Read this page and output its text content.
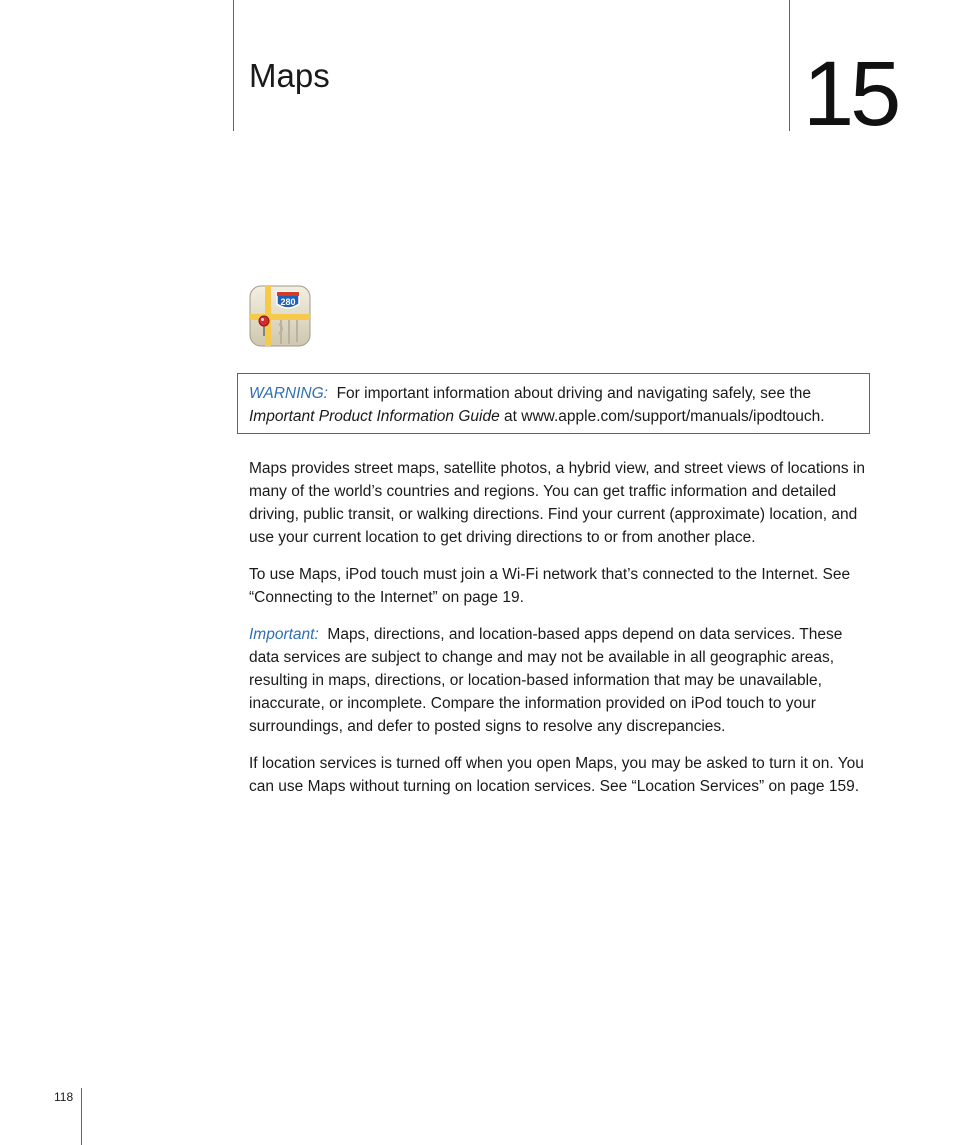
Maps	15
280
WARNING: For important information about driving and navigating safely, see the
Important Product Information Guide at www.apple.com/support/manuals/ipodtouch.

Maps provides street maps, satellite photos, a hybrid view, and street views of locations in many of the world’s countries and regions. You can get traffic information and detailed driving, public transit, or walking directions. Find your current (approximate) location, and use your current location to get driving directions to or from another place.

To use Maps, iPod touch must join a Wi-Fi network that’s connected to the Internet. See “Connecting to the Internet” on page 19.

Important: Maps, directions, and location-based apps depend on data services. These data services are subject to change and may not be available in all geographic areas, resulting in maps, directions, or location-based information that may be unavailable, inaccurate, or incomplete. Compare the information provided on iPod touch to your surroundings, and defer to posted signs to resolve any discrepancies.

If location services is turned off when you open Maps, you may be asked to turn it on. You can use Maps without turning on location services. See “Location Services” on page 159.

118
